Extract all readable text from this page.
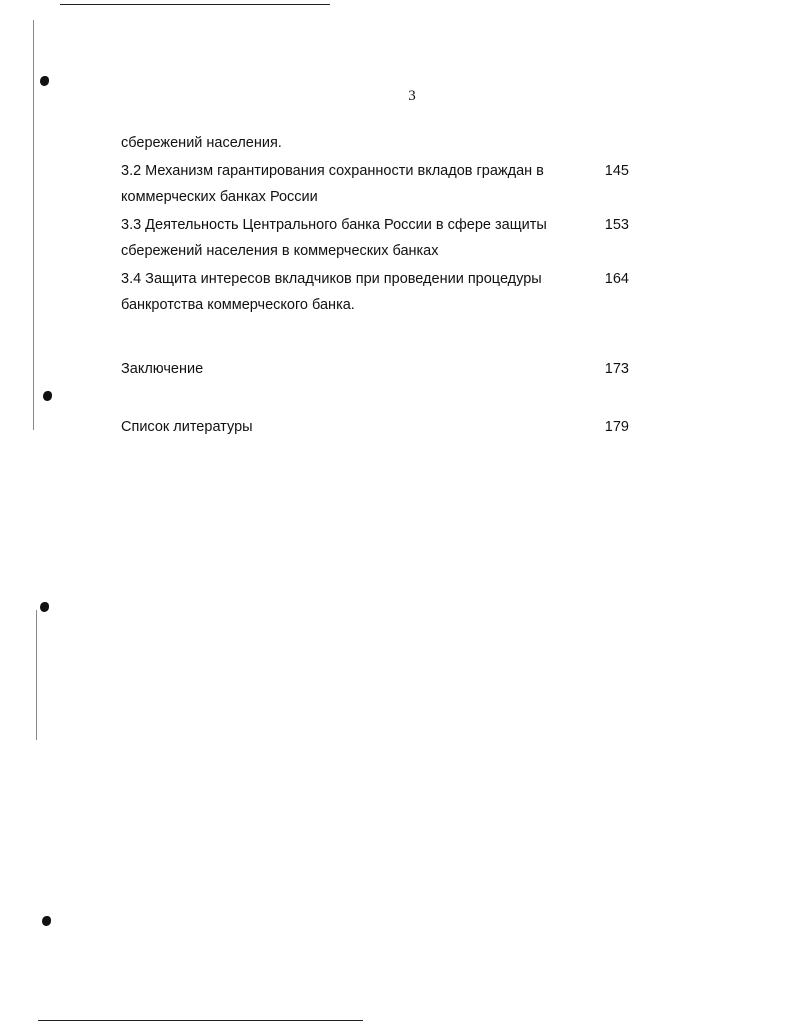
3
сбережений населения.
3.2 Механизм гарантирования сохранности вкладов граждан в коммерческих банках России
145
3.3 Деятельность Центрального банка России в сфере защиты сбережений населения в коммерческих банках
153
3.4 Защита интересов вкладчиков при проведении процедуры банкротства коммерческого банка.
164
Заключение	173
Список литературы	179
